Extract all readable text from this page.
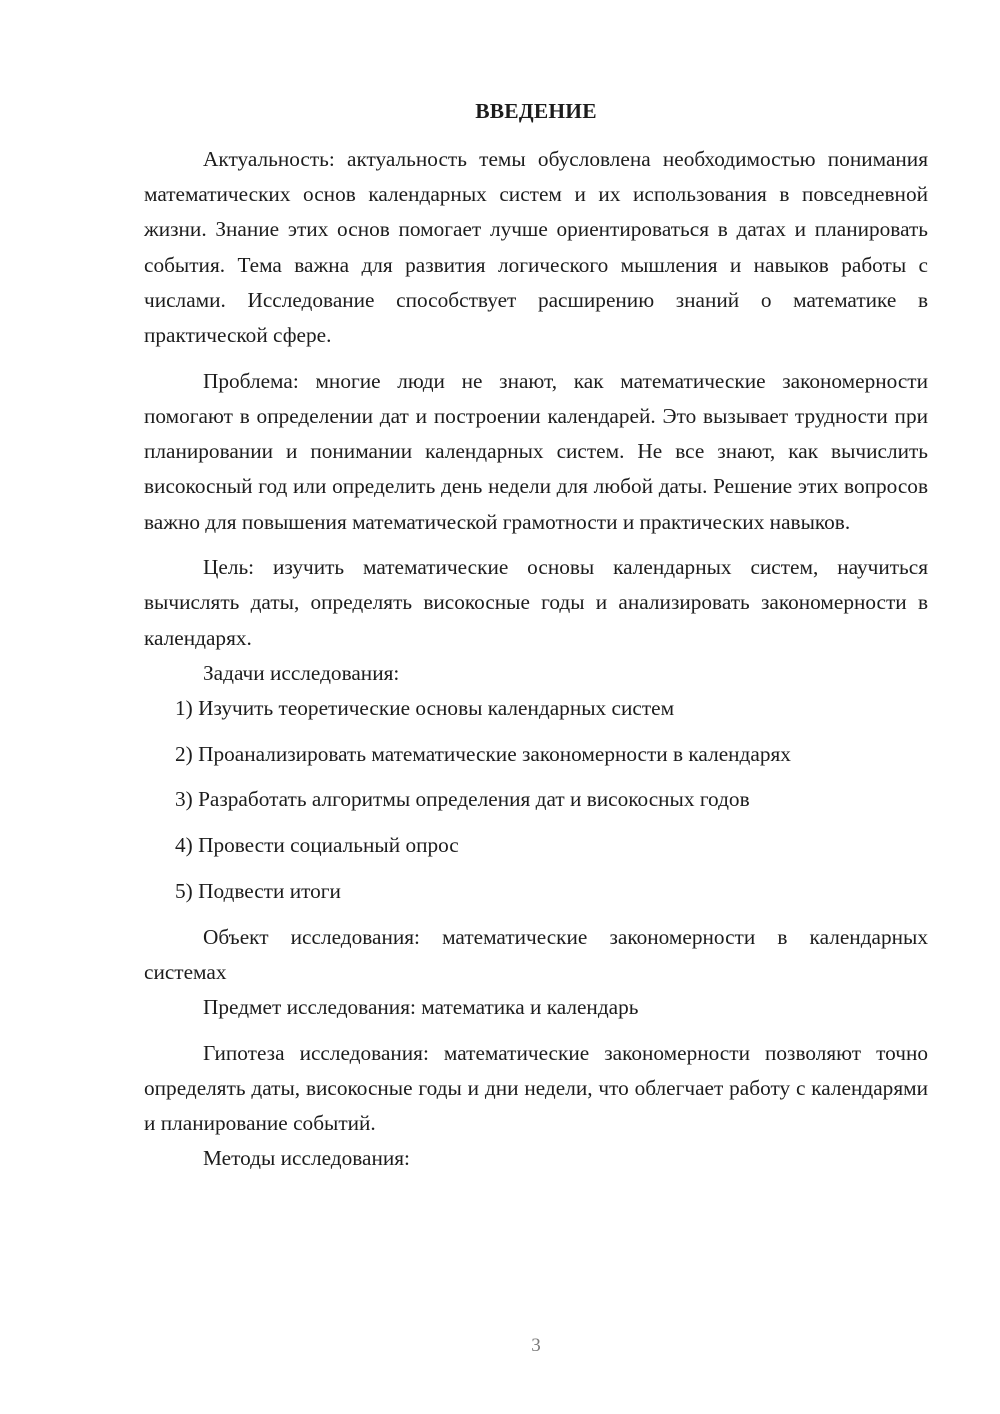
ВВЕДЕНИЕ

Актуальность: актуальность темы обусловлена необходимостью понимания математических основ календарных систем и их использования в повседневной жизни. Знание этих основ помогает лучше ориентироваться в датах и планировать события. Тема важна для развития логического мышления и навыков работы с числами. Исследование способствует расширению знаний о математике в практической сфере.

Проблема: многие люди не знают, как математические закономерности помогают в определении дат и построении календарей. Это вызывает трудности при планировании и понимании календарных систем. Не все знают, как вычислить високосный год или определить день недели для любой даты. Решение этих вопросов важно для повышения математической грамотности и практических навыков.

Цель: изучить математические основы календарных систем, научиться вычислять даты, определять високосные годы и анализировать закономерности в календарях.

Задачи исследования:

1) Изучить теоретические основы календарных систем
2) Проанализировать математические закономерности в календарях
3) Разработать алгоритмы определения дат и високосных годов
4) Провести социальный опрос
5) Подвести итоги

Объект исследования: математические закономерности в календарных системах

Предмет исследования: математика и календарь

Гипотеза исследования: математические закономерности позволяют точно определять даты, високосные годы и дни недели, что облегчает работу с календарями и планирование событий.

Методы исследования:

3
